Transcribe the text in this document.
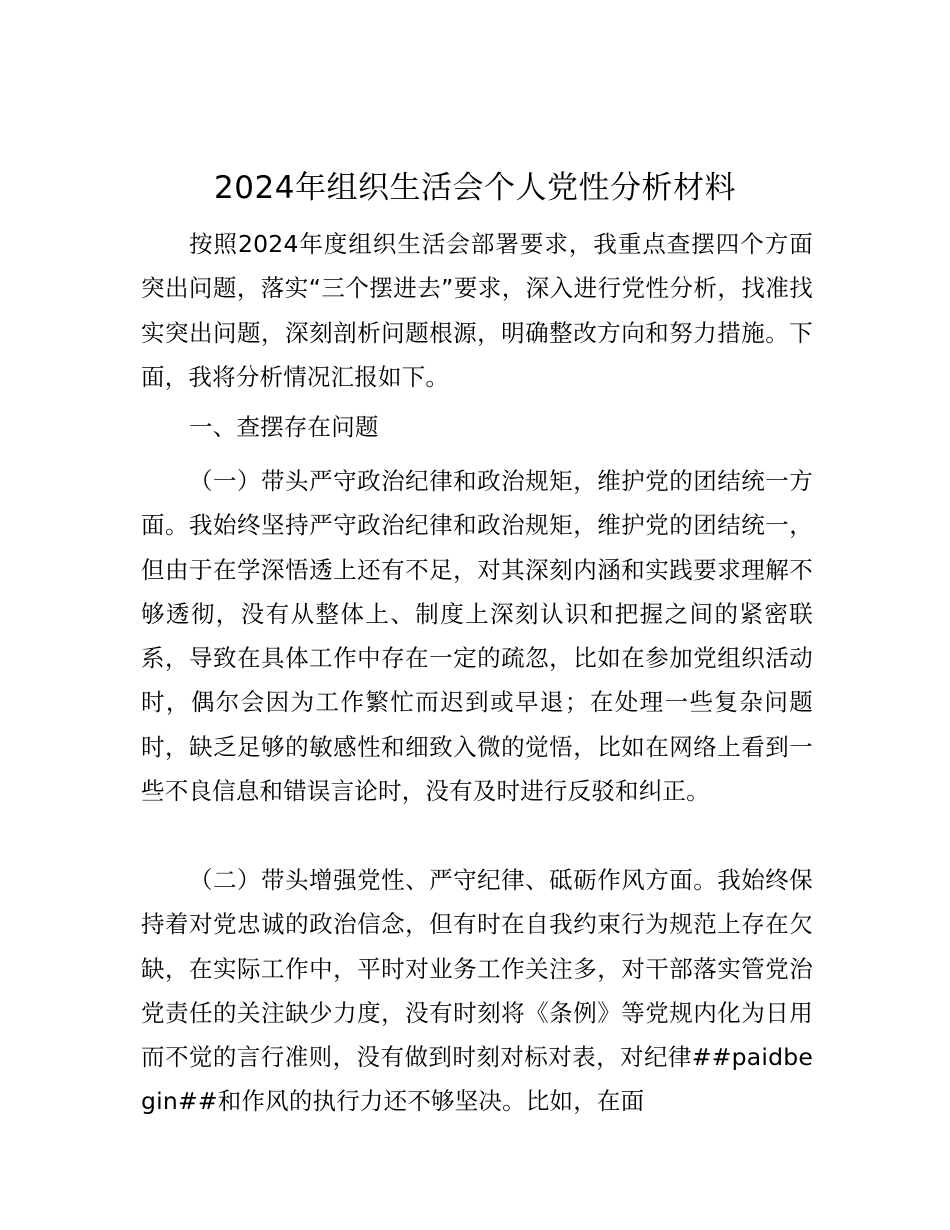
2024年组织生活会个人党性分析材料

按照2024年度组织生活会部署要求，我重点查摆四个方面突出问题，落实“三个摆进去”要求，深入进行党性分析，找准找实突出问题，深刻剖析问题根源，明确整改方向和努力措施。下面，我将分析情况汇报如下。

一、查摆存在问题

（一）带头严守政治纪律和政治规矩，维护党的团结统一方面。我始终坚持严守政治纪律和政治规矩，维护党的团结统一，但由于在学深悟透上还有不足，对其深刻内涵和实践要求理解不够透彻，没有从整体上、制度上深刻认识和把握之间的紧密联系，导致在具体工作中存在一定的疏忽，比如在参加党组织活动时，偶尔会因为工作繁忙而迟到或早退；在处理一些复杂问题时，缺乏足够的敏感性和细致入微的觉悟，比如在网络上看到一些不良信息和错误言论时，没有及时进行反驳和纠正。

（二）带头增强党性、严守纪律、砥砺作风方面。我始终保持着对党忠诚的政治信念，但有时在自我约束行为规范上存在欠缺，在实际工作中，平时对业务工作关注多，对干部落实管党治党责任的关注缺少力度，没有时刻将《条例》等党规内化为日用而不觉的言行准则，没有做到时刻对标对表，对纪律##paidbegin##和作风的执行力还不够坚决。比如，在面
